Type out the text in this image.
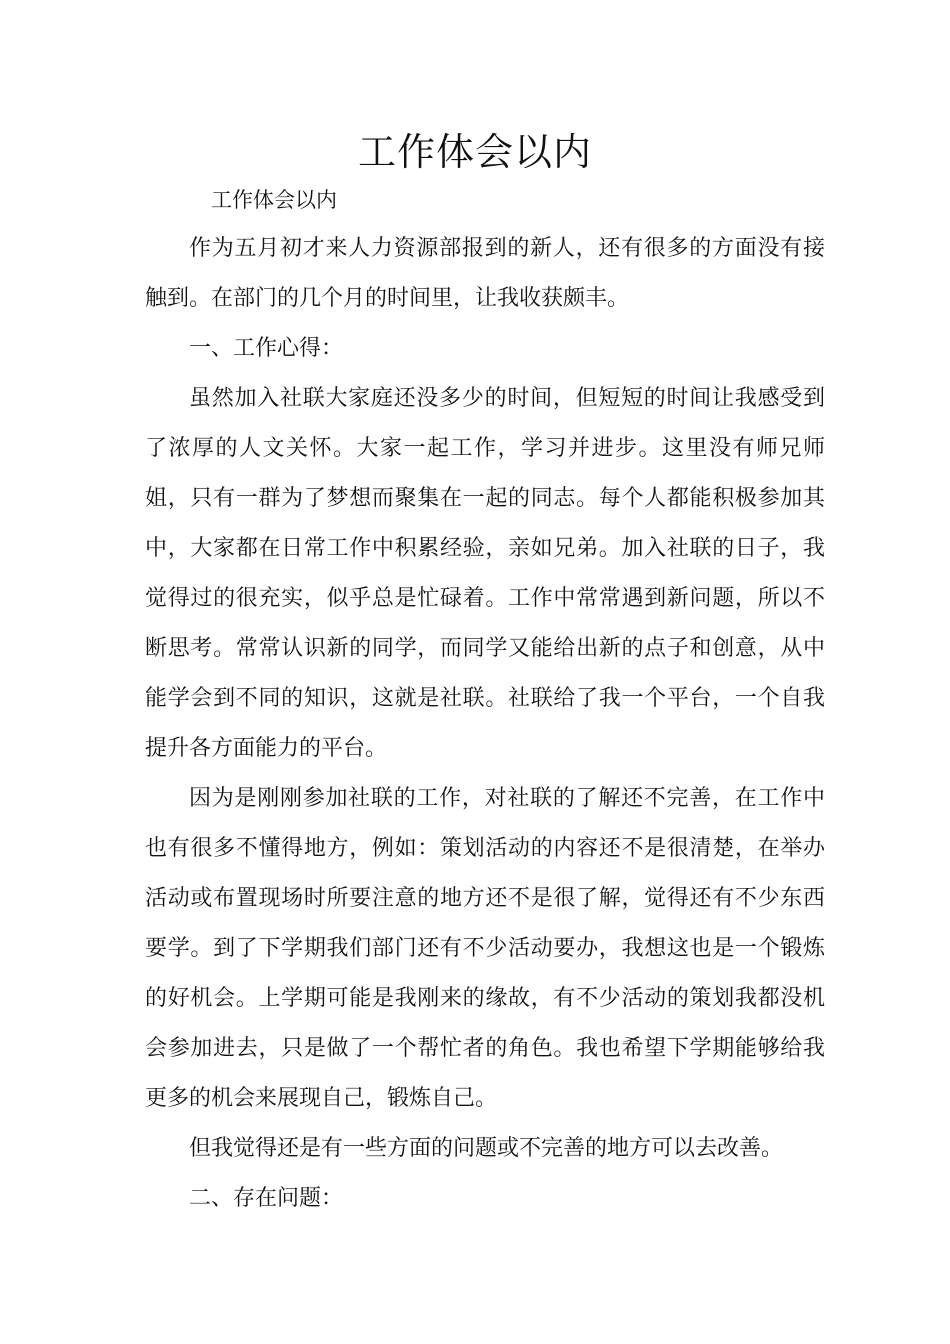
工作体会以内

工作体会以内

作为五月初才来人力资源部报到的新人，还有很多的方面没有接触到。在部门的几个月的时间里，让我收获颇丰。

一、工作心得：

虽然加入社联大家庭还没多少的时间，但短短的时间让我感受到了浓厚的人文关怀。大家一起工作，学习并进步。这里没有师兄师姐，只有一群为了梦想而聚集在一起的同志。每个人都能积极参加其中，大家都在日常工作中积累经验，亲如兄弟。加入社联的日子，我觉得过的很充实，似乎总是忙碌着。工作中常常遇到新问题，所以不断思考。常常认识新的同学，而同学又能给出新的点子和创意，从中能学会到不同的知识，这就是社联。社联给了我一个平台，一个自我提升各方面能力的平台。

因为是刚刚参加社联的工作，对社联的了解还不完善，在工作中也有很多不懂得地方，例如：策划活动的内容还不是很清楚，在举办活动或布置现场时所要注意的地方还不是很了解，觉得还有不少东西要学。到了下学期我们部门还有不少活动要办，我想这也是一个锻炼的好机会。上学期可能是我刚来的缘故，有不少活动的策划我都没机会参加进去，只是做了一个帮忙者的角色。我也希望下学期能够给我更多的机会来展现自己，锻炼自己。

但我觉得还是有一些方面的问题或不完善的地方可以去改善。

二、存在问题：
